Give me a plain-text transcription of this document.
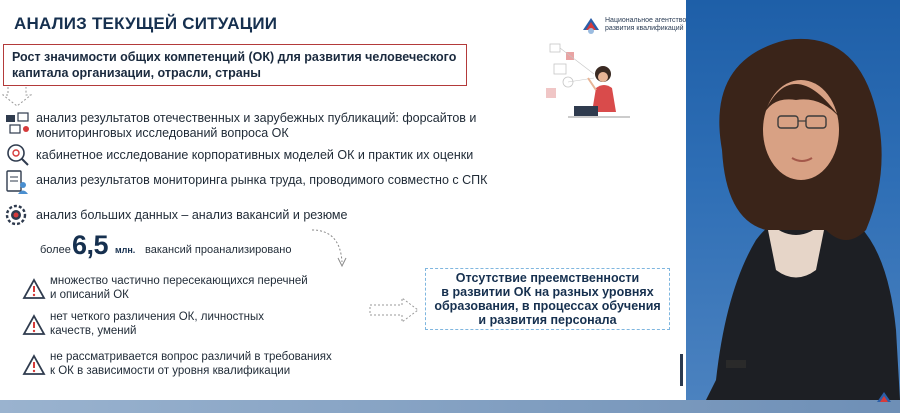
АНАЛИЗ ТЕКУЩЕЙ СИТУАЦИИ	Национальное агентство
развития квалификаций
Рост значимости общих компетенций (ОК) для развития человеческого капитала организации, отрасли, страны
анализ результатов отечественных и зарубежных публикаций: форсайтов и мониторинговых исследований вопроса ОК
кабинетное исследование корпоративных моделей ОК и практик их оценки
анализ результатов мониторинга рынка труда, проводимого совместно с СПК
анализ больших данных – анализ вакансий и резюме
более 6,5 млн. вакансий проанализировано
множество частично пересекающихся перечней
и описаний ОК
нет четкого различения ОК, личностных
качеств, умений
не рассматривается вопрос различий в требованиях
к ОК в зависимости от уровня квалификации
Отсутствие преемственности
в развитии ОК на разных уровнях
образования, в процессах обучения
и развития персонала
